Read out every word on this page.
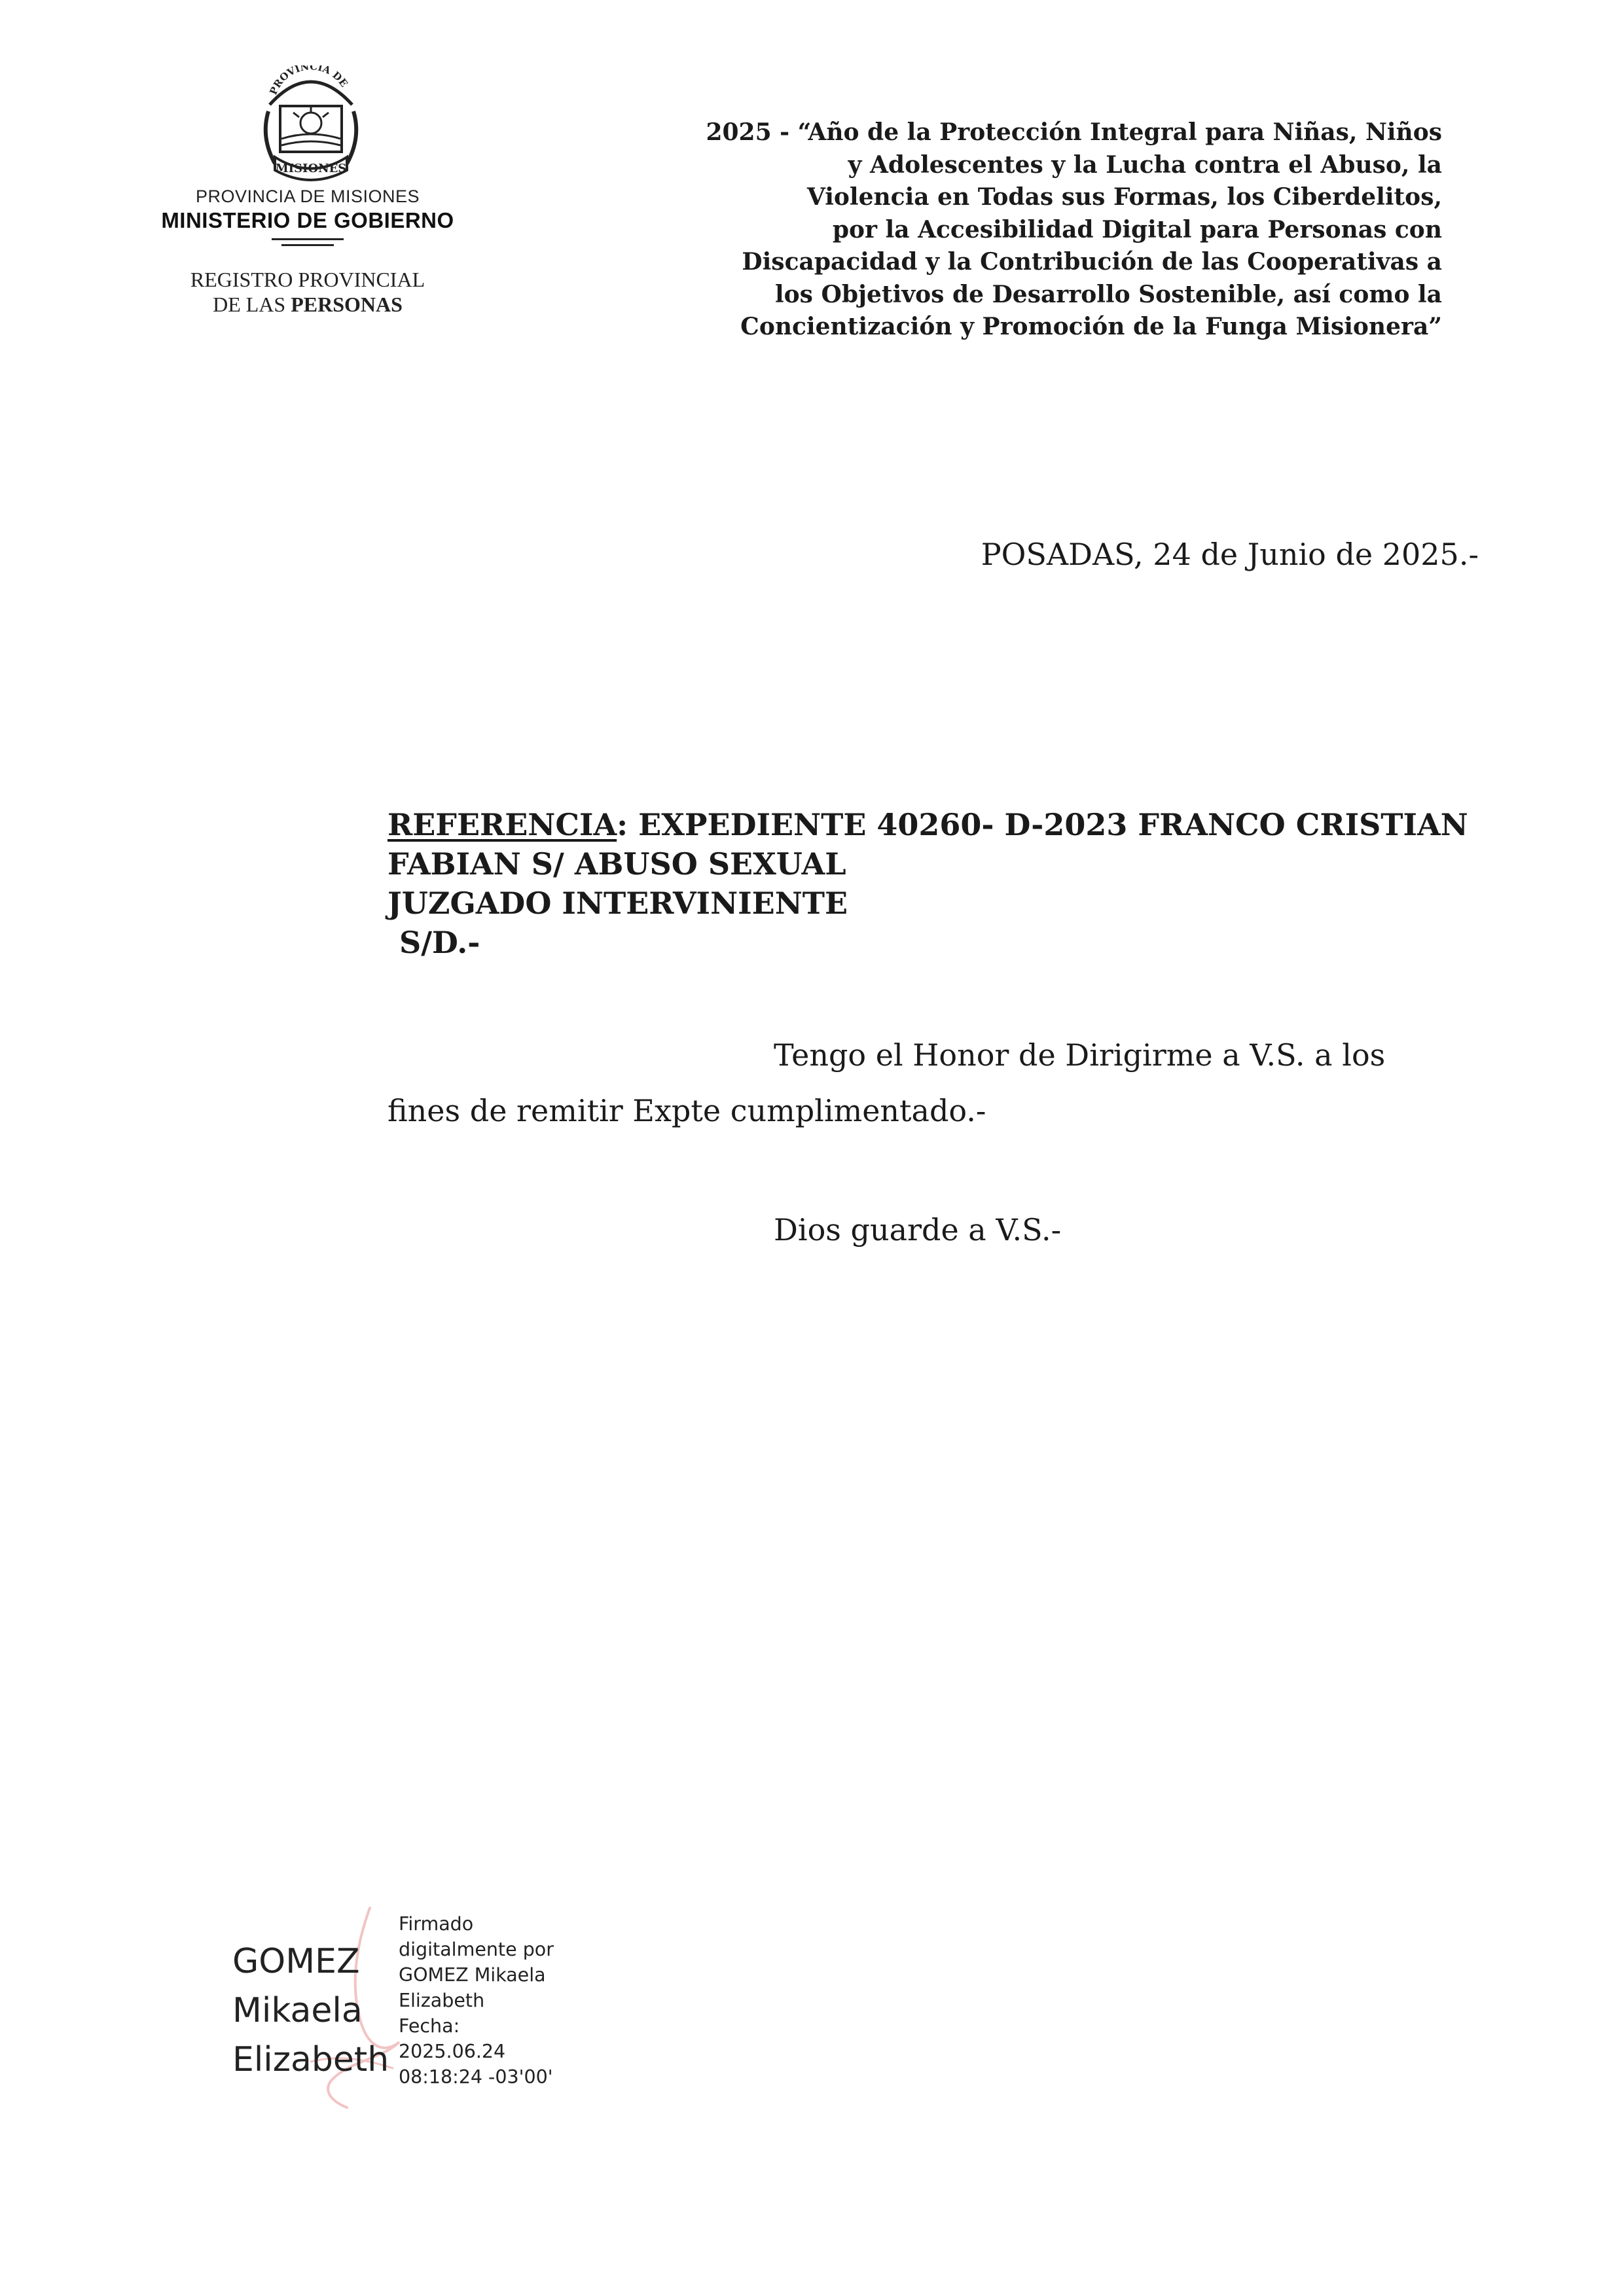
PROVINCIA DE
MISIONES
PROVINCIA DE MISIONES
MINISTERIO DE GOBIERNO
REGISTRO PROVINCIAL
DE LAS PERSONAS
2025 - “Año de la Protección Integral para Niñas, Niños
y Adolescentes y la Lucha contra el Abuso, la
Violencia en Todas sus Formas, los Ciberdelitos,
por la Accesibilidad Digital para Personas con
Discapacidad y la Contribución de las Cooperativas a
los Objetivos de Desarrollo Sostenible, así como la
Concientización y Promoción de la Funga Misionera”
POSADAS, 24 de Junio de 2025.-
REFERENCIA: EXPEDIENTE 40260- D-2023 FRANCO CRISTIAN
FABIAN S/ ABUSO SEXUAL
JUZGADO INTERVINIENTE
S/D.-
Tengo el Honor de Dirigirme a V.S. a los
fines de remitir Expte cumplimentado.-
Dios guarde a V.S.-
GOMEZ
Mikaela
Elizabeth
Firmado
digitalmente por
GOMEZ Mikaela
Elizabeth
Fecha:
2025.06.24
08:18:24 -03'00'
